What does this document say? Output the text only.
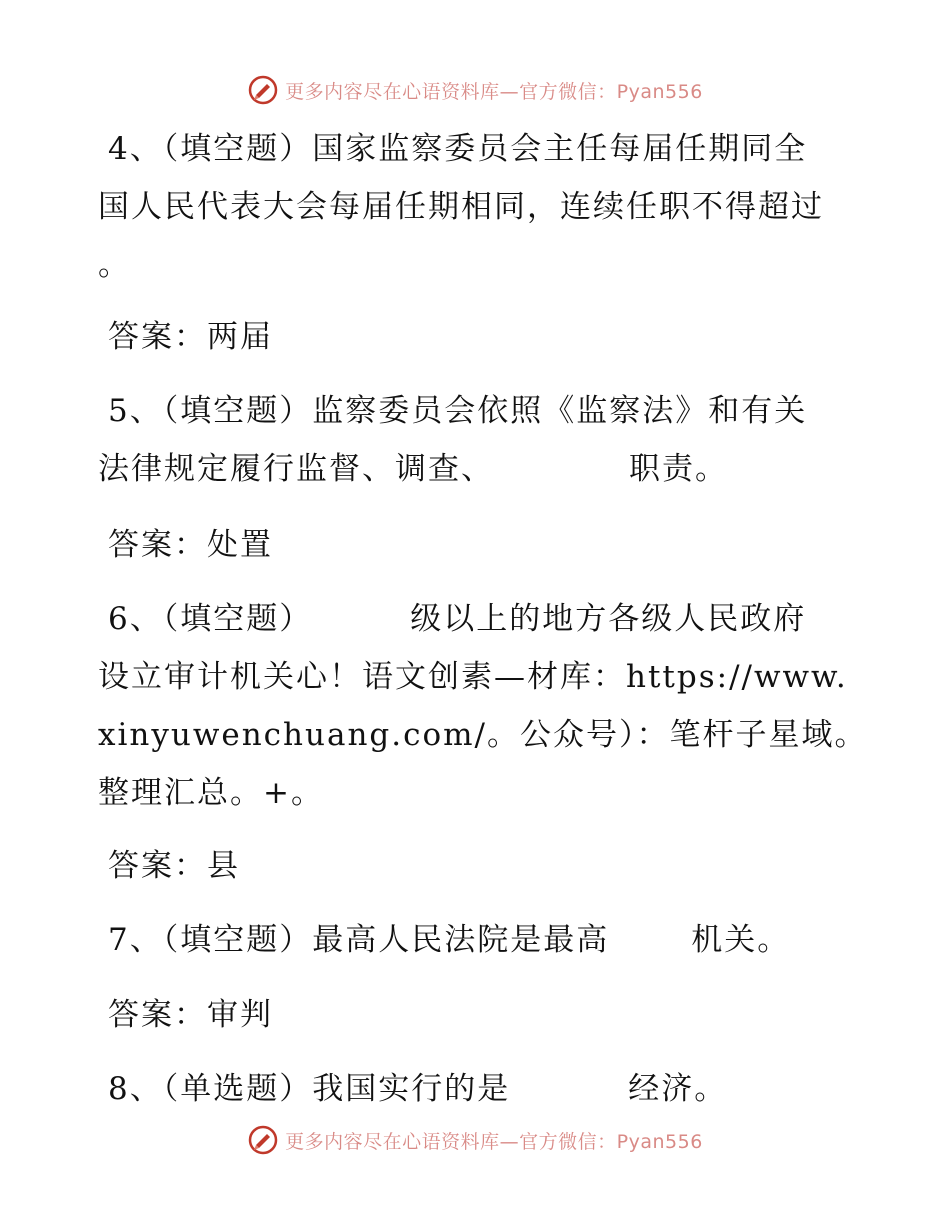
更多内容尽在心语资料库—官方微信：Pyan556
4、（填空题）国家监察委员会主任每届任期同全
国人民代表大会每届任期相同，连续任职不得超过
。
答案：两届
5、（填空题）监察委员会依照《监察法》和有关
法律规定履行监督、调查、	职责。
答案：处置
6、（填空题）	级以上的地方各级人民政府
设立审计机关心！语文创素—材库：https://www.
xinyuwenchuang.com/。公众号）：笔杆子星域。
整理汇总。+。
答案：县
7、（填空题）最高人民法院是最高	机关。
答案：审判
8、（单选题）我国实行的是	经济。
更多内容尽在心语资料库—官方微信：Pyan556
